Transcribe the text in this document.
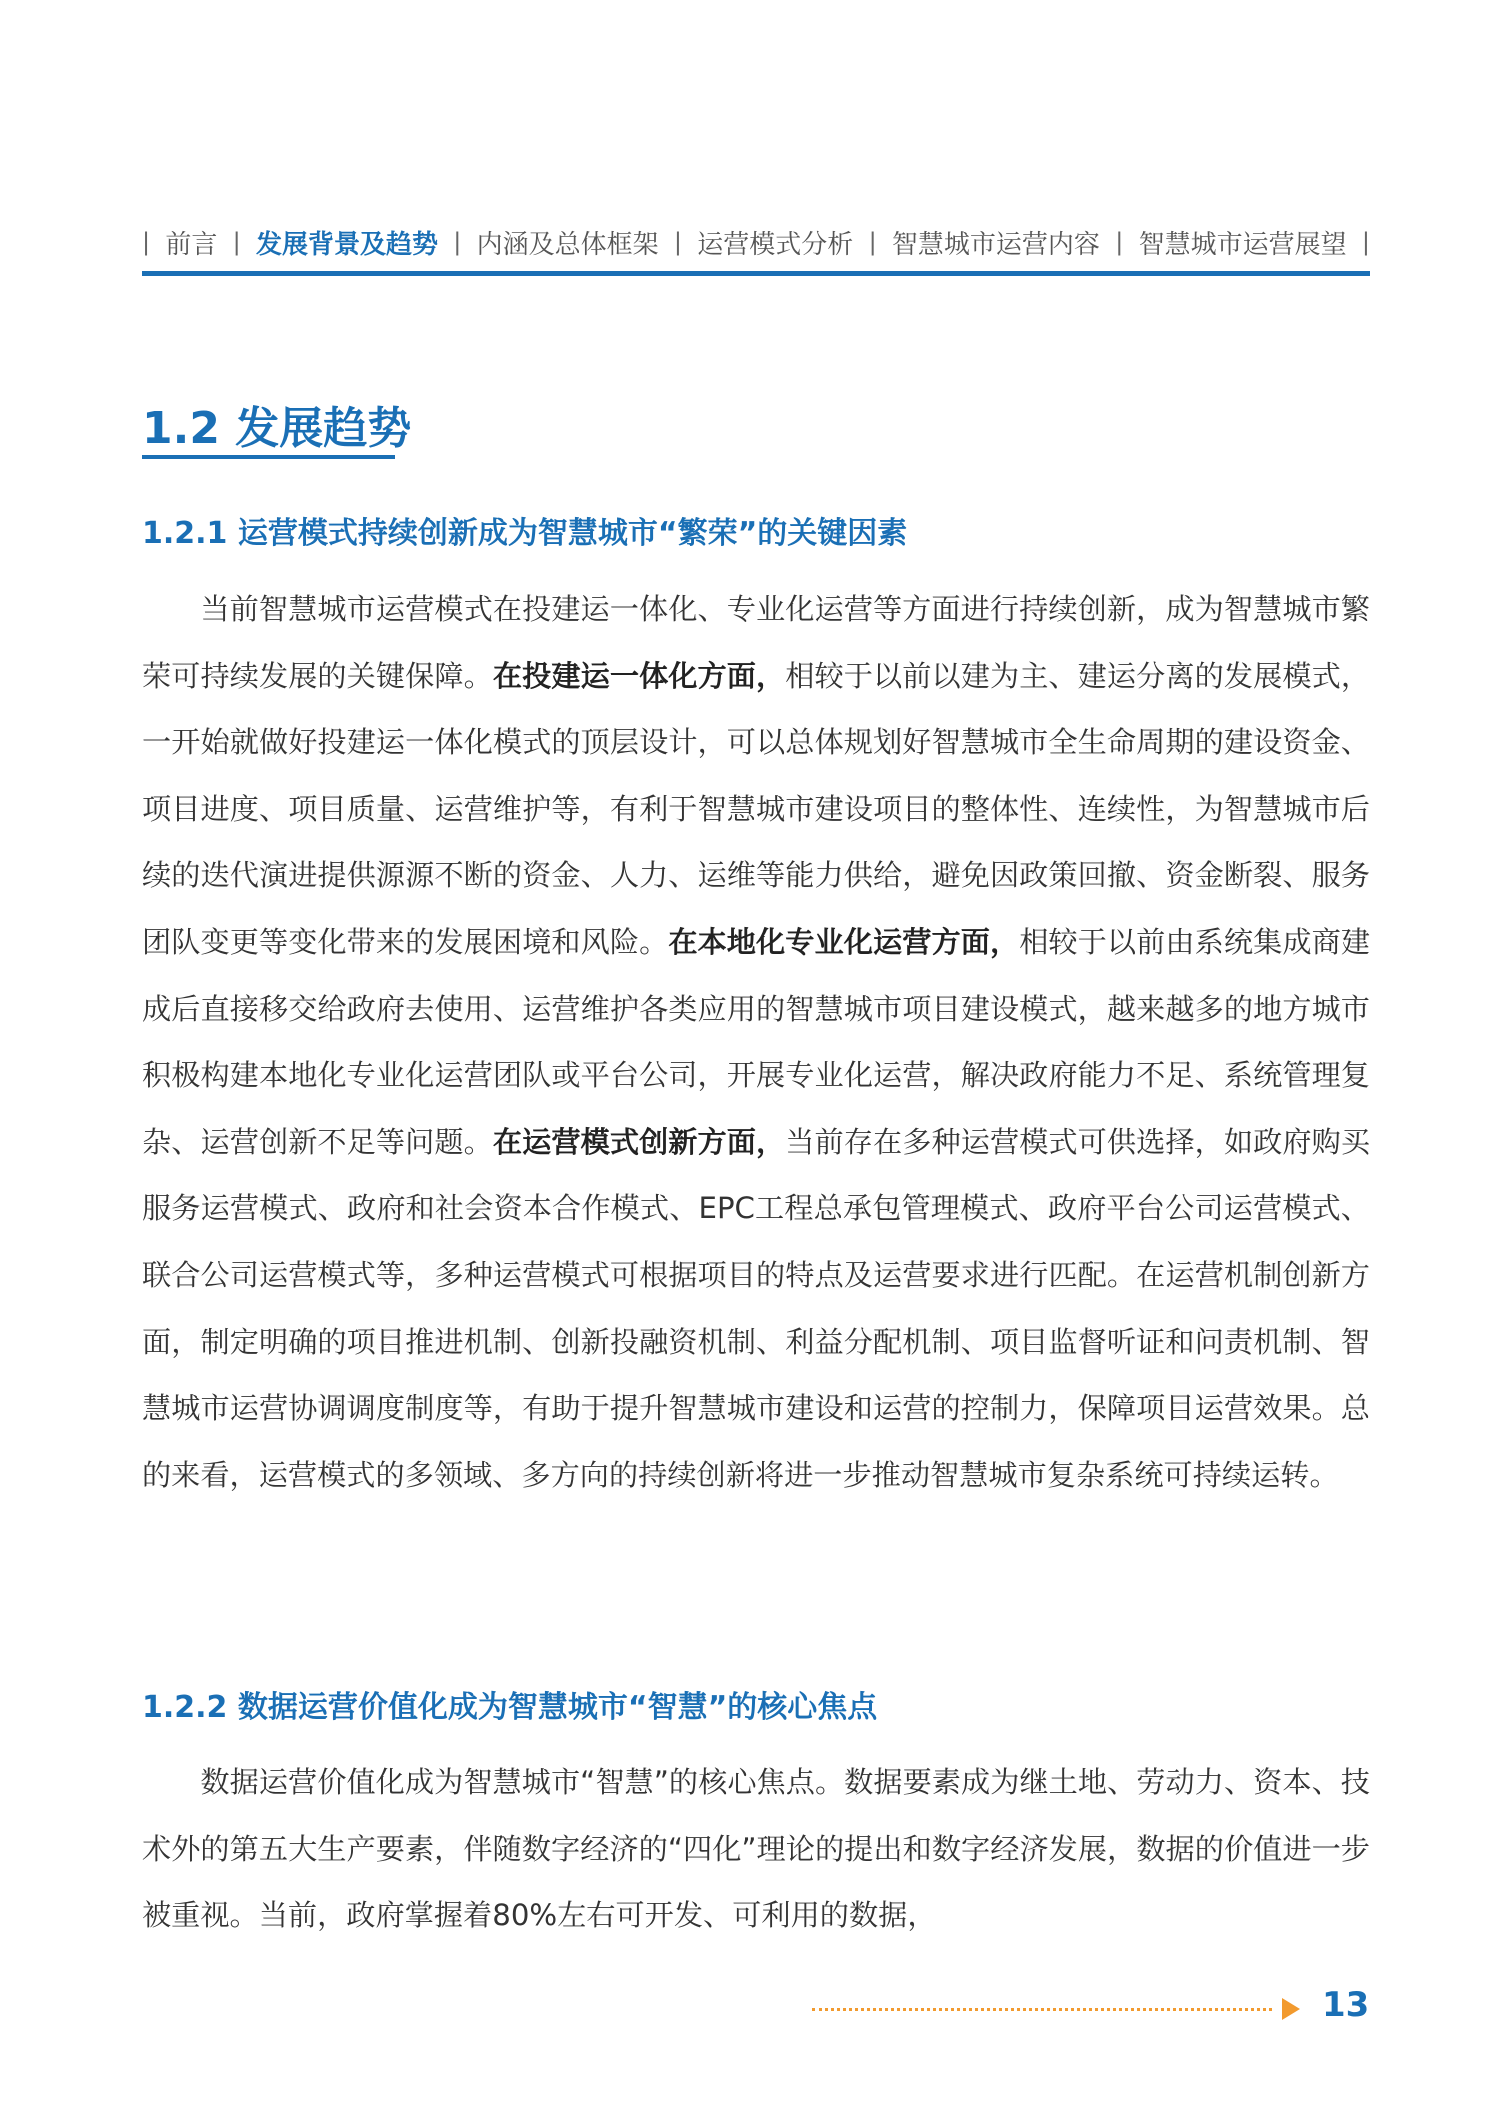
| 前言 | 发展背景及趋势 | 内涵及总体框架 | 运营模式分析 | 智慧城市运营内容 | 智慧城市运营展望 |
1.2 发展趋势
1.2.1 运营模式持续创新成为智慧城市“繁荣”的关键因素

当前智慧城市运营模式在投建运一体化、专业化运营等方面进行持续创新，成为智慧城市繁荣可持续发展的关键保障。在投建运一体化方面，相较于以前以建为主、建运分离的发展模式，一开始就做好投建运一体化模式的顶层设计，可以总体规划好智慧城市全生命周期的建设资金、项目进度、项目质量、运营维护等，有利于智慧城市建设项目的整体性、连续性，为智慧城市后续的迭代演进提供源源不断的资金、人力、运维等能力供给，避免因政策回撤、资金断裂、服务团队变更等变化带来的发展困境和风险。在本地化专业化运营方面，相较于以前由系统集成商建成后直接移交给政府去使用、运营维护各类应用的智慧城市项目建设模式，越来越多的地方城市积极构建本地化专业化运营团队或平台公司，开展专业化运营，解决政府能力不足、系统管理复杂、运营创新不足等问题。在运营模式创新方面，当前存在多种运营模式可供选择，如政府购买服务运营模式、政府和社会资本合作模式、EPC工程总承包管理模式、政府平台公司运营模式、联合公司运营模式等，多种运营模式可根据项目的特点及运营要求进行匹配。在运营机制创新方面，制定明确的项目推进机制、创新投融资机制、利益分配机制、项目监督听证和问责机制、智慧城市运营协调调度制度等，有助于提升智慧城市建设和运营的控制力，保障项目运营效果。总的来看，运营模式的多领域、多方向的持续创新将进一步推动智慧城市复杂系统可持续运转。

1.2.2 数据运营价值化成为智慧城市“智慧”的核心焦点

数据运营价值化成为智慧城市“智慧”的核心焦点。数据要素成为继土地、劳动力、资本、技术外的第五大生产要素，伴随数字经济的“四化”理论的提出和数字经济发展，数据的价值进一步被重视。当前，政府掌握着80%左右可开发、可利用的数据，

13
